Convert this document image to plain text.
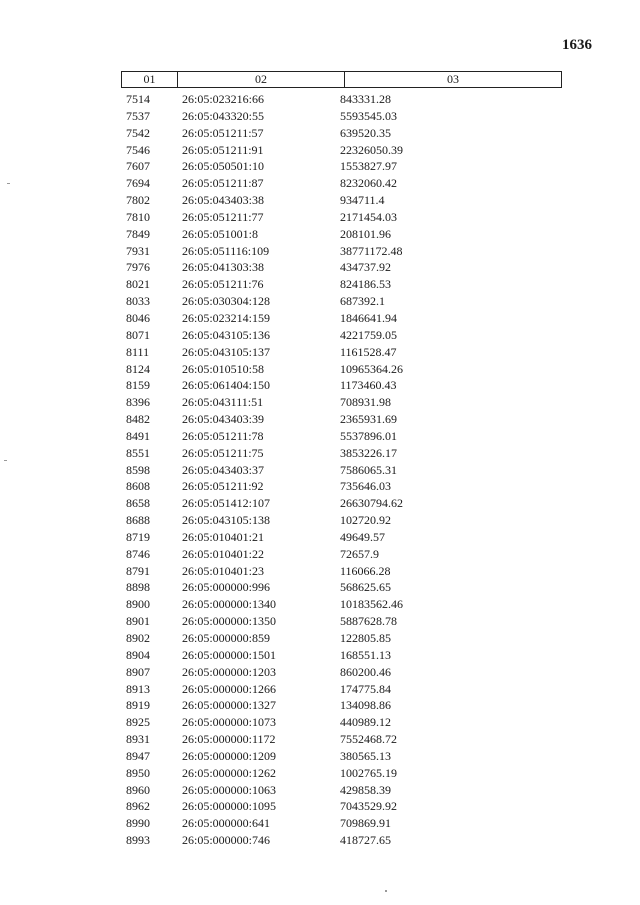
1636
01	02	03
7514	26:05:023216:66	843331.28
7537	26:05:043320:55	5593545.03
7542	26:05:051211:57	639520.35
7546	26:05:051211:91	22326050.39
7607	26:05:050501:10	1553827.97
7694	26:05:051211:87	8232060.42
7802	26:05:043403:38	934711.4
7810	26:05:051211:77	2171454.03
7849	26:05:051001:8	208101.96
7931	26:05:051116:109	38771172.48
7976	26:05:041303:38	434737.92
8021	26:05:051211:76	824186.53
8033	26:05:030304:128	687392.1
8046	26:05:023214:159	1846641.94
8071	26:05:043105:136	4221759.05
8111	26:05:043105:137	1161528.47
8124	26:05:010510:58	10965364.26
8159	26:05:061404:150	1173460.43
8396	26:05:043111:51	708931.98
8482	26:05:043403:39	2365931.69
8491	26:05:051211:78	5537896.01
8551	26:05:051211:75	3853226.17
8598	26:05:043403:37	7586065.31
8608	26:05:051211:92	735646.03
8658	26:05:051412:107	26630794.62
8688	26:05:043105:138	102720.92
8719	26:05:010401:21	49649.57
8746	26:05:010401:22	72657.9
8791	26:05:010401:23	116066.28
8898	26:05:000000:996	568625.65
8900	26:05:000000:1340	10183562.46
8901	26:05:000000:1350	5887628.78
8902	26:05:000000:859	122805.85
8904	26:05:000000:1501	168551.13
8907	26:05:000000:1203	860200.46
8913	26:05:000000:1266	174775.84
8919	26:05:000000:1327	134098.86
8925	26:05:000000:1073	440989.12
8931	26:05:000000:1172	7552468.72
8947	26:05:000000:1209	380565.13
8950	26:05:000000:1262	1002765.19
8960	26:05:000000:1063	429858.39
8962	26:05:000000:1095	7043529.92
8990	26:05:000000:641	709869.91
8993	26:05:000000:746	418727.65
